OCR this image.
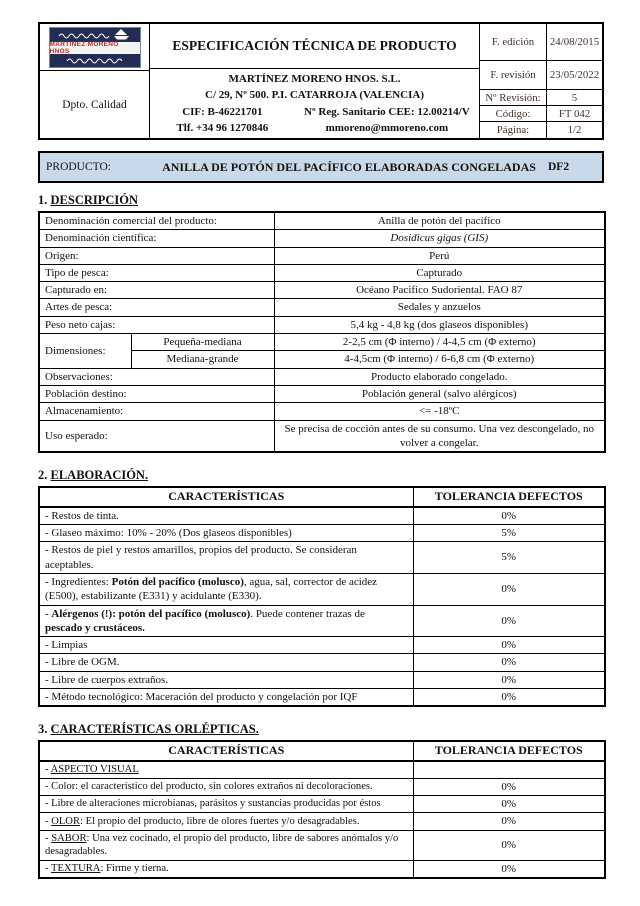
MARTINEZ MORENO HNOS
Dpto. Calidad
ESPECIFICACIÓN TÉCNICA DE PRODUCTO
MARTÍNEZ MORENO HNOS. S.L.
C/ 29, Nº 500. P.I. CATARROJA (VALENCIA)
CIF: B-46221701	Nº Reg. Sanitario CEE: 12.00214/V
Tlf. +34 96 1270846	mmoreno@mmoreno.com
F. edición	24/08/2015
F. revisión	23/05/2022
Nº Revisión:	5
Código:	FT 042
Página:	1/2
PRODUCTO:	ANILLA DE POTÓN DEL PACÍFICO ELABORADAS CONGELADAS	DF2
1. DESCRIPCIÓN
Denominación comercial del producto:		Anilla de potón del pacífico
Denominación científica:		Dosidicus gigas (GIS)
Origen:		Perú
Tipo de pesca:		Capturado
Capturado en:		Océano Pacifico Sudoriental. FAO 87
Artes de pesca:		Sedales y anzuelos
Peso neto cajas:		5,4 kg - 4,8 kg (dos glaseos disponibles)
Dimensiones:	Pequeña-mediana	2-2,5 cm (Φ interno) / 4-4,5 cm (Φ externo)
	Mediana-grande	4-4,5cm (Φ interno) / 6-6,8 cm (Φ externo)
Observaciones:		Producto elaborado congelado.
Población destino:		Población general (salvo alérgicos)
Almacenamiento:		<= -18ºC
Uso esperado:		Se precisa de cocción antes de su consumo. Una vez descongelado, no volver a congelar.
2. ELABORACIÓN.
CARACTERÍSTICAS	TOLERANCIA DEFECTOS
- Restos de tinta.	0%
- Glaseo máximo: 10% - 20% (Dos glaseos disponibles)	5%
- Restos de piel y restos amarillos, propios del producto. Se consideran aceptables.	5%
- Ingredientes: Potón del pacífico (molusco), agua, sal, corrector de acidez (E500), estabilizante (E331) y acidulante (E330).	0%
- Alérgenos (!): potón del pacífico (molusco). Puede contener trazas de pescado y crustáceos.	0%
- Limpias	0%
- Libre de OGM.	0%
- Libre de cuerpos extraños.	0%
- Método tecnológico: Maceración del producto y congelación por IQF	0%
3. CARACTERÍSTICAS ORLÉPTICAS.
CARACTERÍSTICAS	TOLERANCIA DEFECTOS
- ASPECTO VISUAL	
- Color: el característico del producto, sin colores extraños ni decoloraciones.	0%
- Libre de alteraciones microbianas, parásitos y sustancias producidas por éstos	0%
- OLOR: El propio del producto, libre de olores fuertes y/o desagradables.	0%
- SABOR: Una vez cocinado, el propio del producto, libre de sabores anómalos y/o desagradables.	0%
- TEXTURA: Firme y tierna.	0%
